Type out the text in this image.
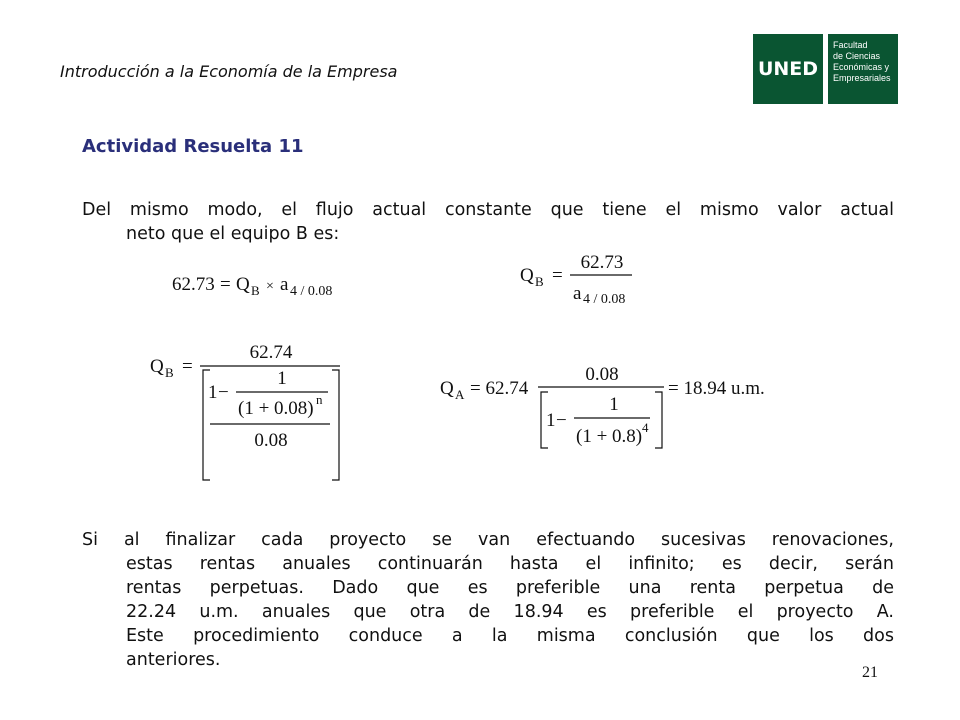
Introducción a la Economía de la Empresa	UNED
Facultad
de Ciencias
Económicas y
Empresariales
Actividad Resuelta 11
Del mismo modo, el flujo actual constante que tiene el mismo valor actual
neto que el equipo B es:
62.73 = Q B × a 4 / 0.08
Q B =
62.73
a 4 / 0.08
Q B =
62.74
1 −
1
(1 + 0.08) n
0.08
Q A = 62.74
0.08
1 −
1
(1 + 0.8) 4
= 18.94 u.m.
Si al finalizar cada proyecto se van efectuando sucesivas renovaciones,
estas rentas anuales continuarán hasta el infinito; es decir, serán
rentas perpetuas. Dado que es preferible una renta perpetua de
22.24 u.m. anuales que otra de 18.94 es preferible el proyecto A.
Este procedimiento conduce a la misma conclusión que los dos
anteriores.
21
